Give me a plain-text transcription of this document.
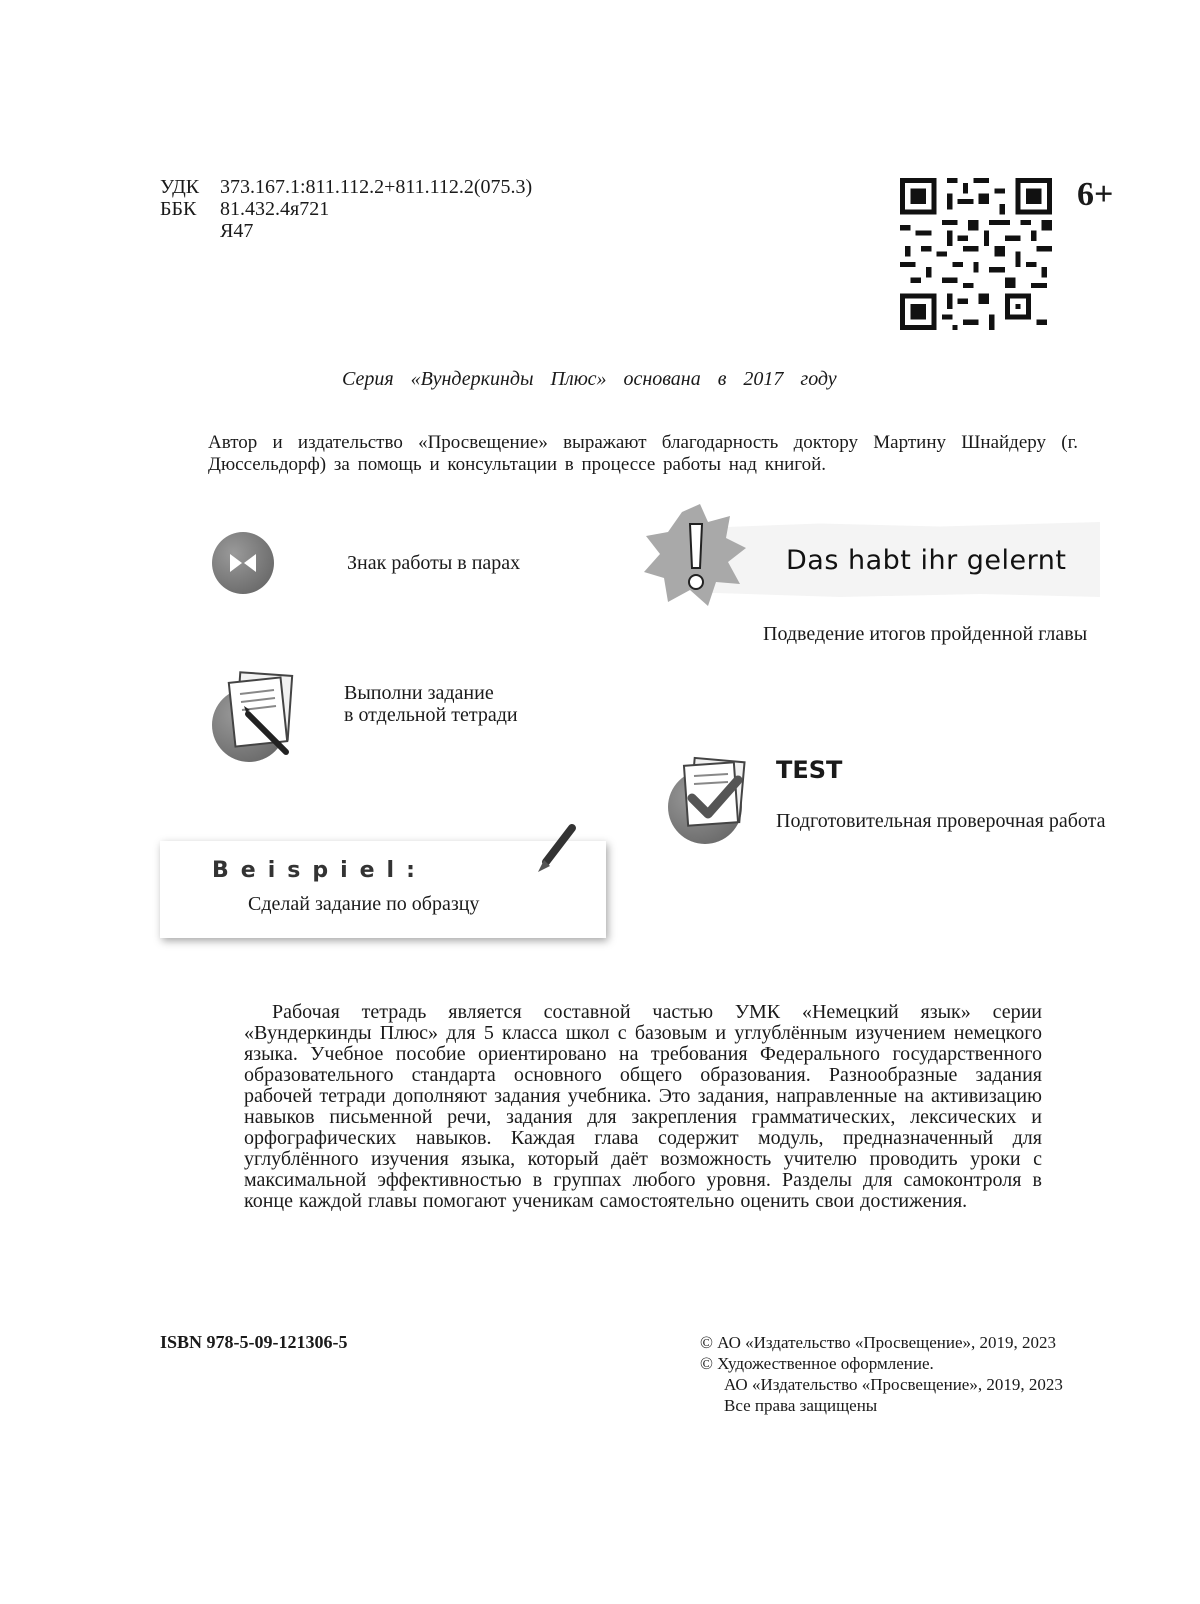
УДК	373.167.1:811.112.2+811.112.2(075.3)
ББК	81.432.4я721
Я47
6+
Серия «Вундеркинды Плюс» основана в 2017 году
Автор и издательство «Просвещение» выражают благодарность доктору Мартину Шнайдеру (г. Дюссельдорф) за помощь и консультации в процессе работы над книгой.
Знак работы в парах
Выполни задание
в отдельной тетради
Beispiel:
Сделай задание по образцу
Das habt ihr gelernt
Подведение итогов пройденной главы
TEST
Подготовительная проверочная работа
Рабочая тетрадь является составной частью УМК «Немецкий язык» серии «Вундеркинды Плюс» для 5 класса школ с базовым и углублённым изучением немецкого языка. Учебное пособие ориентировано на требования Федерального государственного образовательного стандарта основного общего образования. Разнообразные задания рабочей тетради дополняют задания учебника. Это задания, направленные на активизацию навыков письменной речи, задания для закрепления грамматических, лексических и орфографических навыков. Каждая глава содержит модуль, предназначенный для углублённого изучения языка, который даёт возможность учителю проводить уроки с максимальной эффективностью в группах любого уровня. Разделы для самоконтроля в конце каждой главы помогают ученикам самостоятельно оценить свои достижения.
ISBN 978-5-09-121306-5	© АО «Издательство «Просвещение», 2019, 2023
© Художественное оформление.
АО «Издательство «Просвещение», 2019, 2023
Все права защищены
